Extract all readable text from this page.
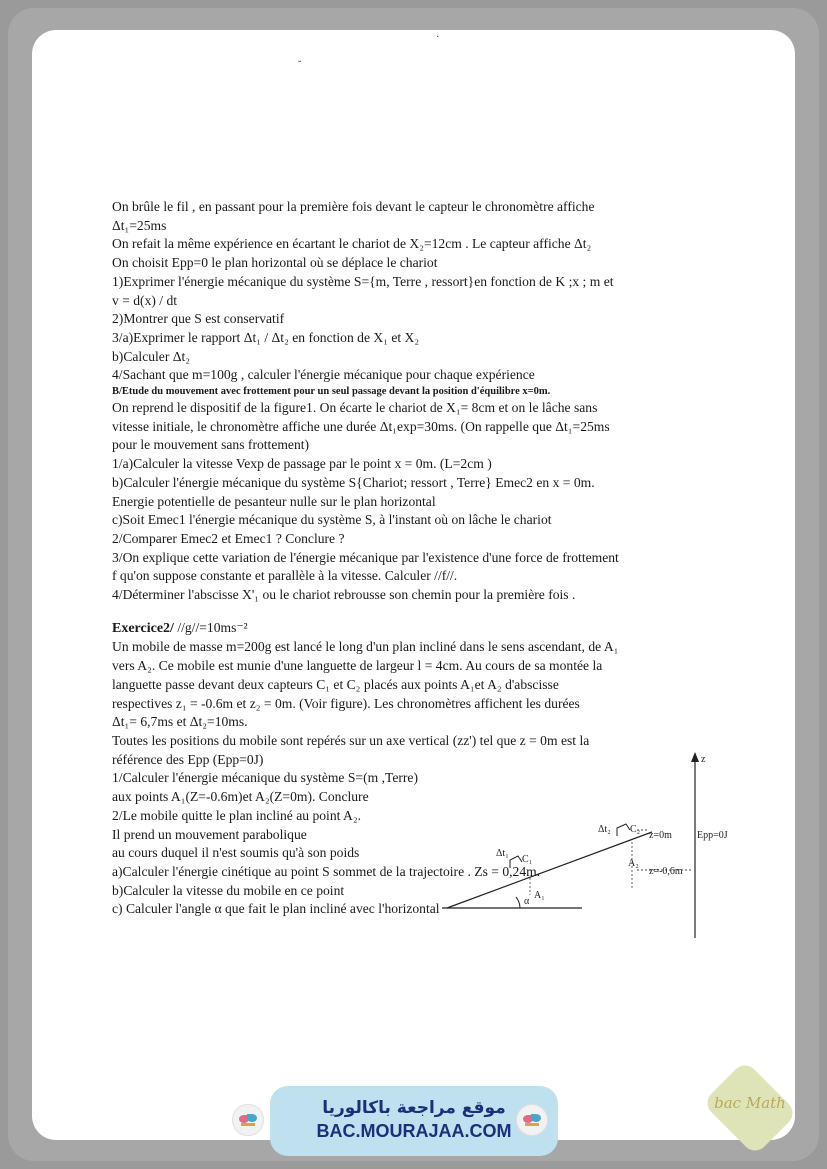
·
˘

On brûle le fil , en passant pour la première fois devant le capteur le chronomètre affiche

Δt₁=25ms

On refait la même expérience en écartant le chariot de X₂=12cm . Le capteur affiche Δt₂

On choisit Epp=0 le plan horizontal où se déplace le chariot

1)Exprimer l'énergie mécanique du système S={m, Terre , ressort}en fonction de K ;x ; m et

v = d(x) / dt

2)Montrer que S est conservatif

3/a)Exprimer le rapport Δt₁ / Δt₂ en fonction de X₁ et X₂

b)Calculer Δt₂

4/Sachant que m=100g , calculer l'énergie mécanique pour chaque expérience

B/Etude du mouvement avec frottement pour un seul passage devant la position d'équilibre x=0m.

On reprend le dispositif de la figure1. On écarte le chariot de X₁= 8cm et on le lâche sans

vitesse initiale, le chronomètre affiche une durée Δt₁exp=30ms. (On rappelle que Δt₁=25ms

pour le mouvement sans frottement)

1/a)Calculer la vitesse Vexp de passage par le point x = 0m. (L=2cm )

b)Calculer l'énergie mécanique du système S{Chariot; ressort , Terre} Emec2 en x = 0m.

Energie potentielle de pesanteur nulle sur le plan horizontal

c)Soit Emec1 l'énergie mécanique du système S, à l'instant où on lâche le chariot

2/Comparer Emec2 et Emec1 ? Conclure ?

3/On explique cette variation de l'énergie mécanique par l'existence d'une force de frottement

f qu'on suppose constante et parallèle à la vitesse. Calculer //f//.

4/Déterminer l'abscisse X'₁ ou le chariot rebrousse son chemin pour la première fois .

Exercice2/ //g//=10ms⁻²

Un mobile de masse m=200g est lancé le long d'un plan incliné dans le sens ascendant, de A₁

vers A₂. Ce mobile est munie d'une languette de largeur l = 4cm. Au cours de sa montée la

languette passe devant deux capteurs C₁ et C₂ placés aux points A₁et A₂ d'abscisse

respectives z₁ = -0.6m et z₂ = 0m. (Voir figure). Les chronomètres affichent les durées

Δt₁= 6,7ms et Δt₂=10ms.

Toutes les positions du mobile sont repérés sur un axe vertical (zz') tel que z = 0m est la

référence des Epp (Epp=0J)

1/Calculer l'énergie mécanique du système S=(m ,Terre)

aux points A₁(Z=-0.6m)et A₂(Z=0m). Conclure

2/Le mobile quitte le plan incliné au point A₂.

Il prend un mouvement parabolique

au cours duquel il n'est soumis qu'à son poids

a)Calculer l'énergie cinétique au point S sommet de la trajectoire . Zs = 0,24m.

b)Calculer la vitesse du mobile en ce point

c) Calculer l'angle α que fait le plan incliné avec l'horizontal

z
z=0m	Epp=0J
z=-0,6m
α
Δt₂ C₂
A₂
Δt₁
C₁
A₁
موقع مراجعة باكالوريا
BAC.MOURAJAA.COM
bac Math
